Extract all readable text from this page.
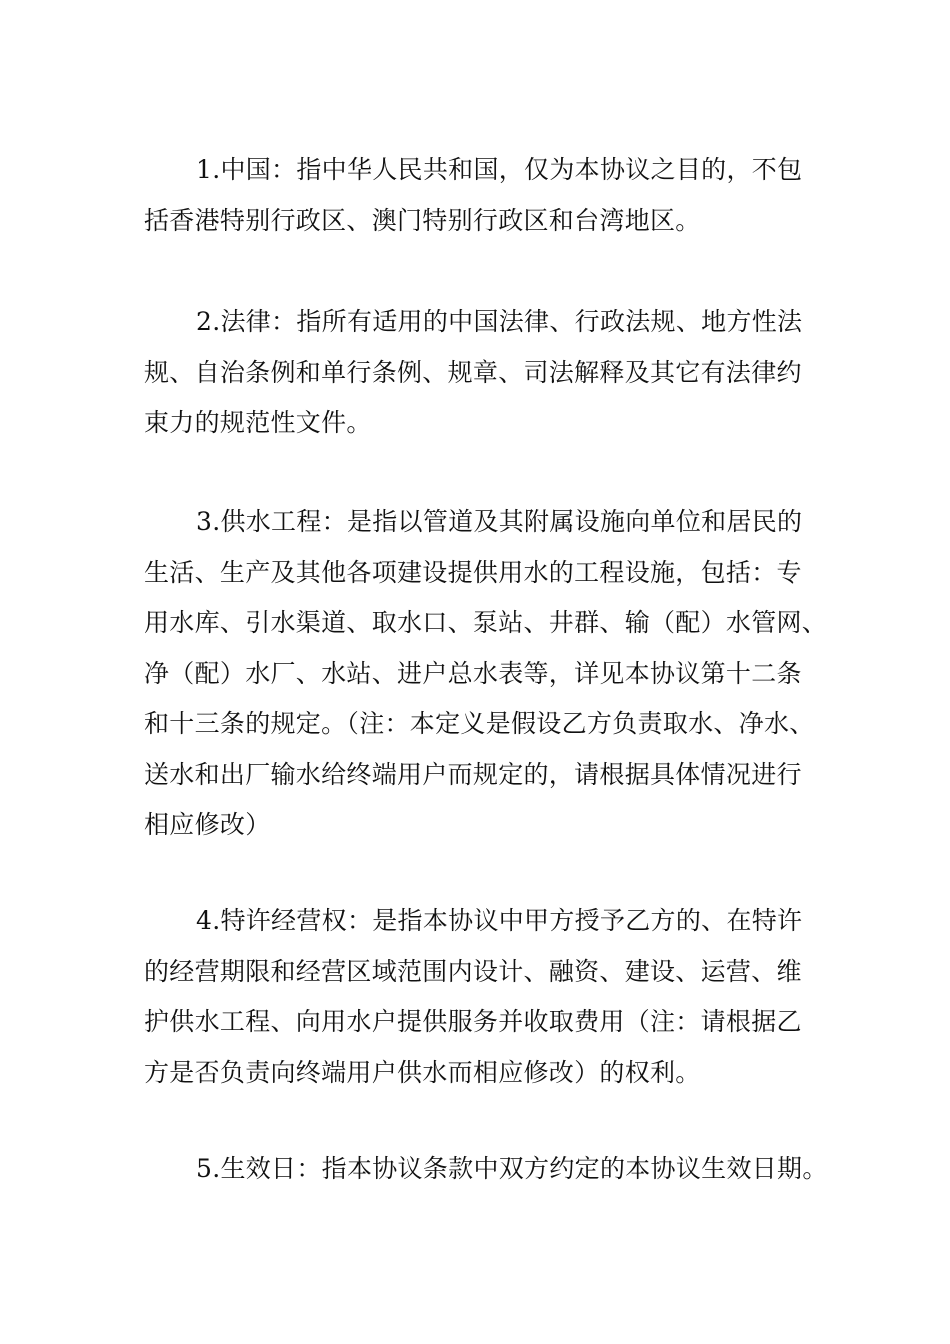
1.中国：指中华人民共和国，仅为本协议之目的，不包
括香港特别行政区、澳门特别行政区和台湾地区。
2.法律：指所有适用的中国法律、行政法规、地方性法
规、自治条例和单行条例、规章、司法解释及其它有法律约
束力的规范性文件。
3.供水工程：是指以管道及其附属设施向单位和居民的
生活、生产及其他各项建设提供用水的工程设施，包括：专
用水库、引水渠道、取水口、泵站、井群、输（配）水管网、
净（配）水厂、水站、进户总水表等，详见本协议第十二条
和十三条的规定。（注：本定义是假设乙方负责取水、净水、
送水和出厂输水给终端用户而规定的，请根据具体情况进行
相应修改）
4.特许经营权：是指本协议中甲方授予乙方的、在特许
的经营期限和经营区域范围内设计、融资、建设、运营、维
护供水工程、向用水户提供服务并收取费用（注：请根据乙
方是否负责向终端用户供水而相应修改）的权利。
5.生效日：指本协议条款中双方约定的本协议生效日期。
